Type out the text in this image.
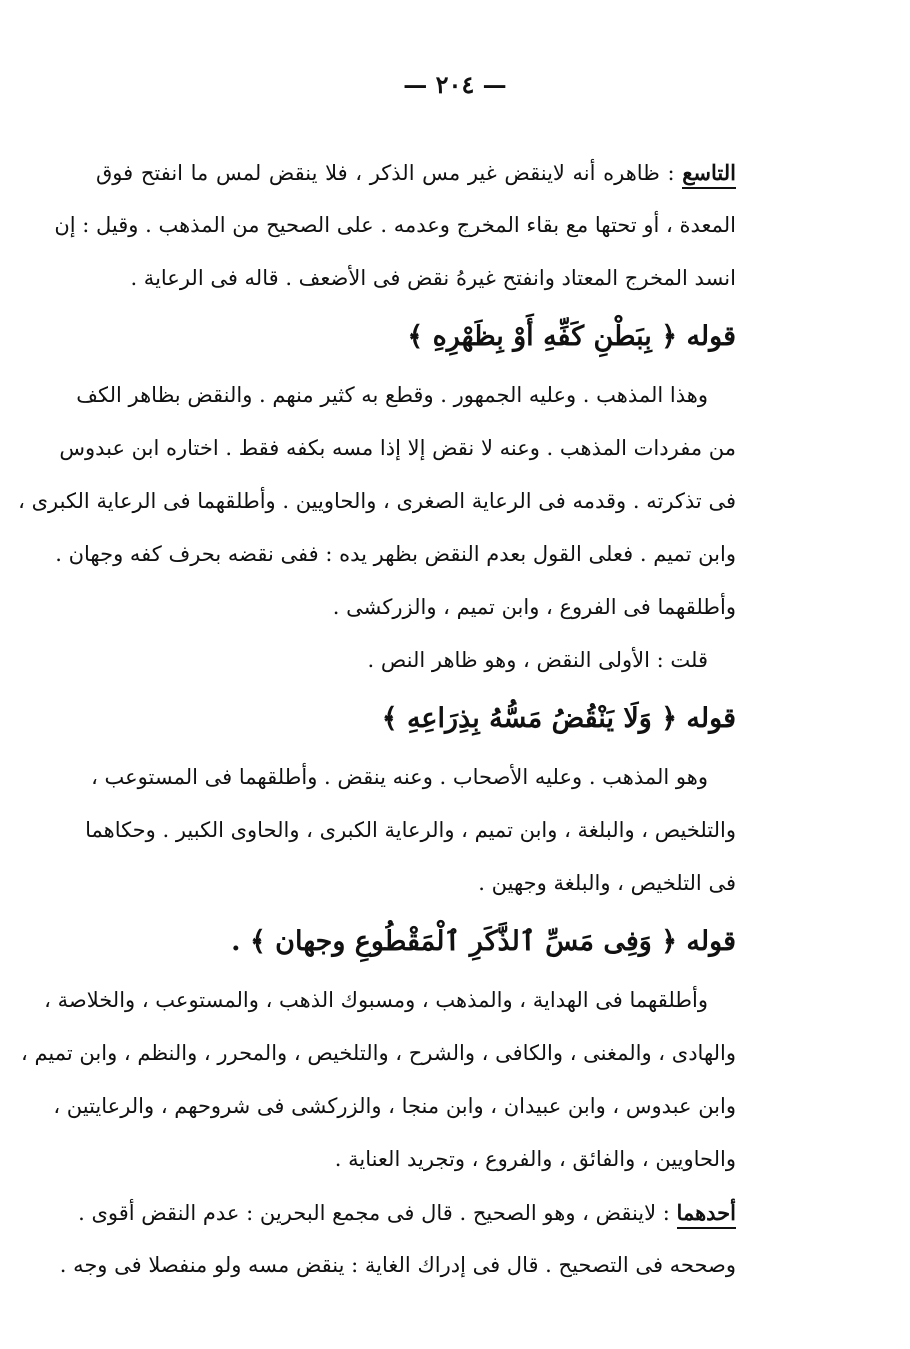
— ٢٠٤ —
التاسع : ظاهره أنه لاينقض غير مس الذكر ، فلا ينقض لمس ما انفتح فوق
المعدة ، أو تحتها مع بقاء المخرج وعدمه . على الصحيح من المذهب . وقيل : إن
انسد المخرج المعتاد وانفتح غيرهُ نقض فى الأضعف . قاله فى الرعاية .
قوله ﴿ بِبَطْنِ كَفِّهِ أَوْ بِظَهْرِهِ ﴾
وهذا المذهب . وعليه الجمهور . وقطع به كثير منهم . والنقض بظاهر الكف
من مفردات المذهب . وعنه لا نقض إلا إذا مسه بكفه فقط . اختاره ابن عبدوس
فى تذكرته . وقدمه فى الرعاية الصغرى ، والحاويين . وأطلقهما فى الرعاية الكبرى ،
وابن تميم . فعلى القول بعدم النقض بظهر يده : ففى نقضه بحرف كفه وجهان .
وأطلقهما فى الفروع ، وابن تميم ، والزركشى .
قلت : الأولى النقض ، وهو ظاهر النص .
قوله ﴿ وَلَا يَنْقُضُ مَسُّهُ بِذِرَاعِهِ ﴾
وهو المذهب . وعليه الأصحاب . وعنه ينقض . وأطلقهما فى المستوعب ،
والتلخيص ، والبلغة ، وابن تميم ، والرعاية الكبرى ، والحاوى الكبير . وحكاهما
فى التلخيص ، والبلغة وجهين .
قوله ﴿ وَفِى مَسِّ ٱلذَّكَرِ ٱلْمَقْطُوعِ وجهان ﴾ .
وأطلقهما فى الهداية ، والمذهب ، ومسبوك الذهب ، والمستوعب ، والخلاصة ،
والهادى ، والمغنى ، والكافى ، والشرح ، والتلخيص ، والمحرر ، والنظم ، وابن تميم ،
وابن عبدوس ، وابن عبيدان ، وابن منجا ، والزركشى فى شروحهم ، والرعايتين ،
والحاويين ، والفائق ، والفروع ، وتجريد العناية .
أحدهما : لاينقض ، وهو الصحيح . قال فى مجمع البحرين : عدم النقض أقوى .
وصححه فى التصحيح . قال فى إدراك الغاية : ينقض مسه ولو منفصلا فى وجه .
